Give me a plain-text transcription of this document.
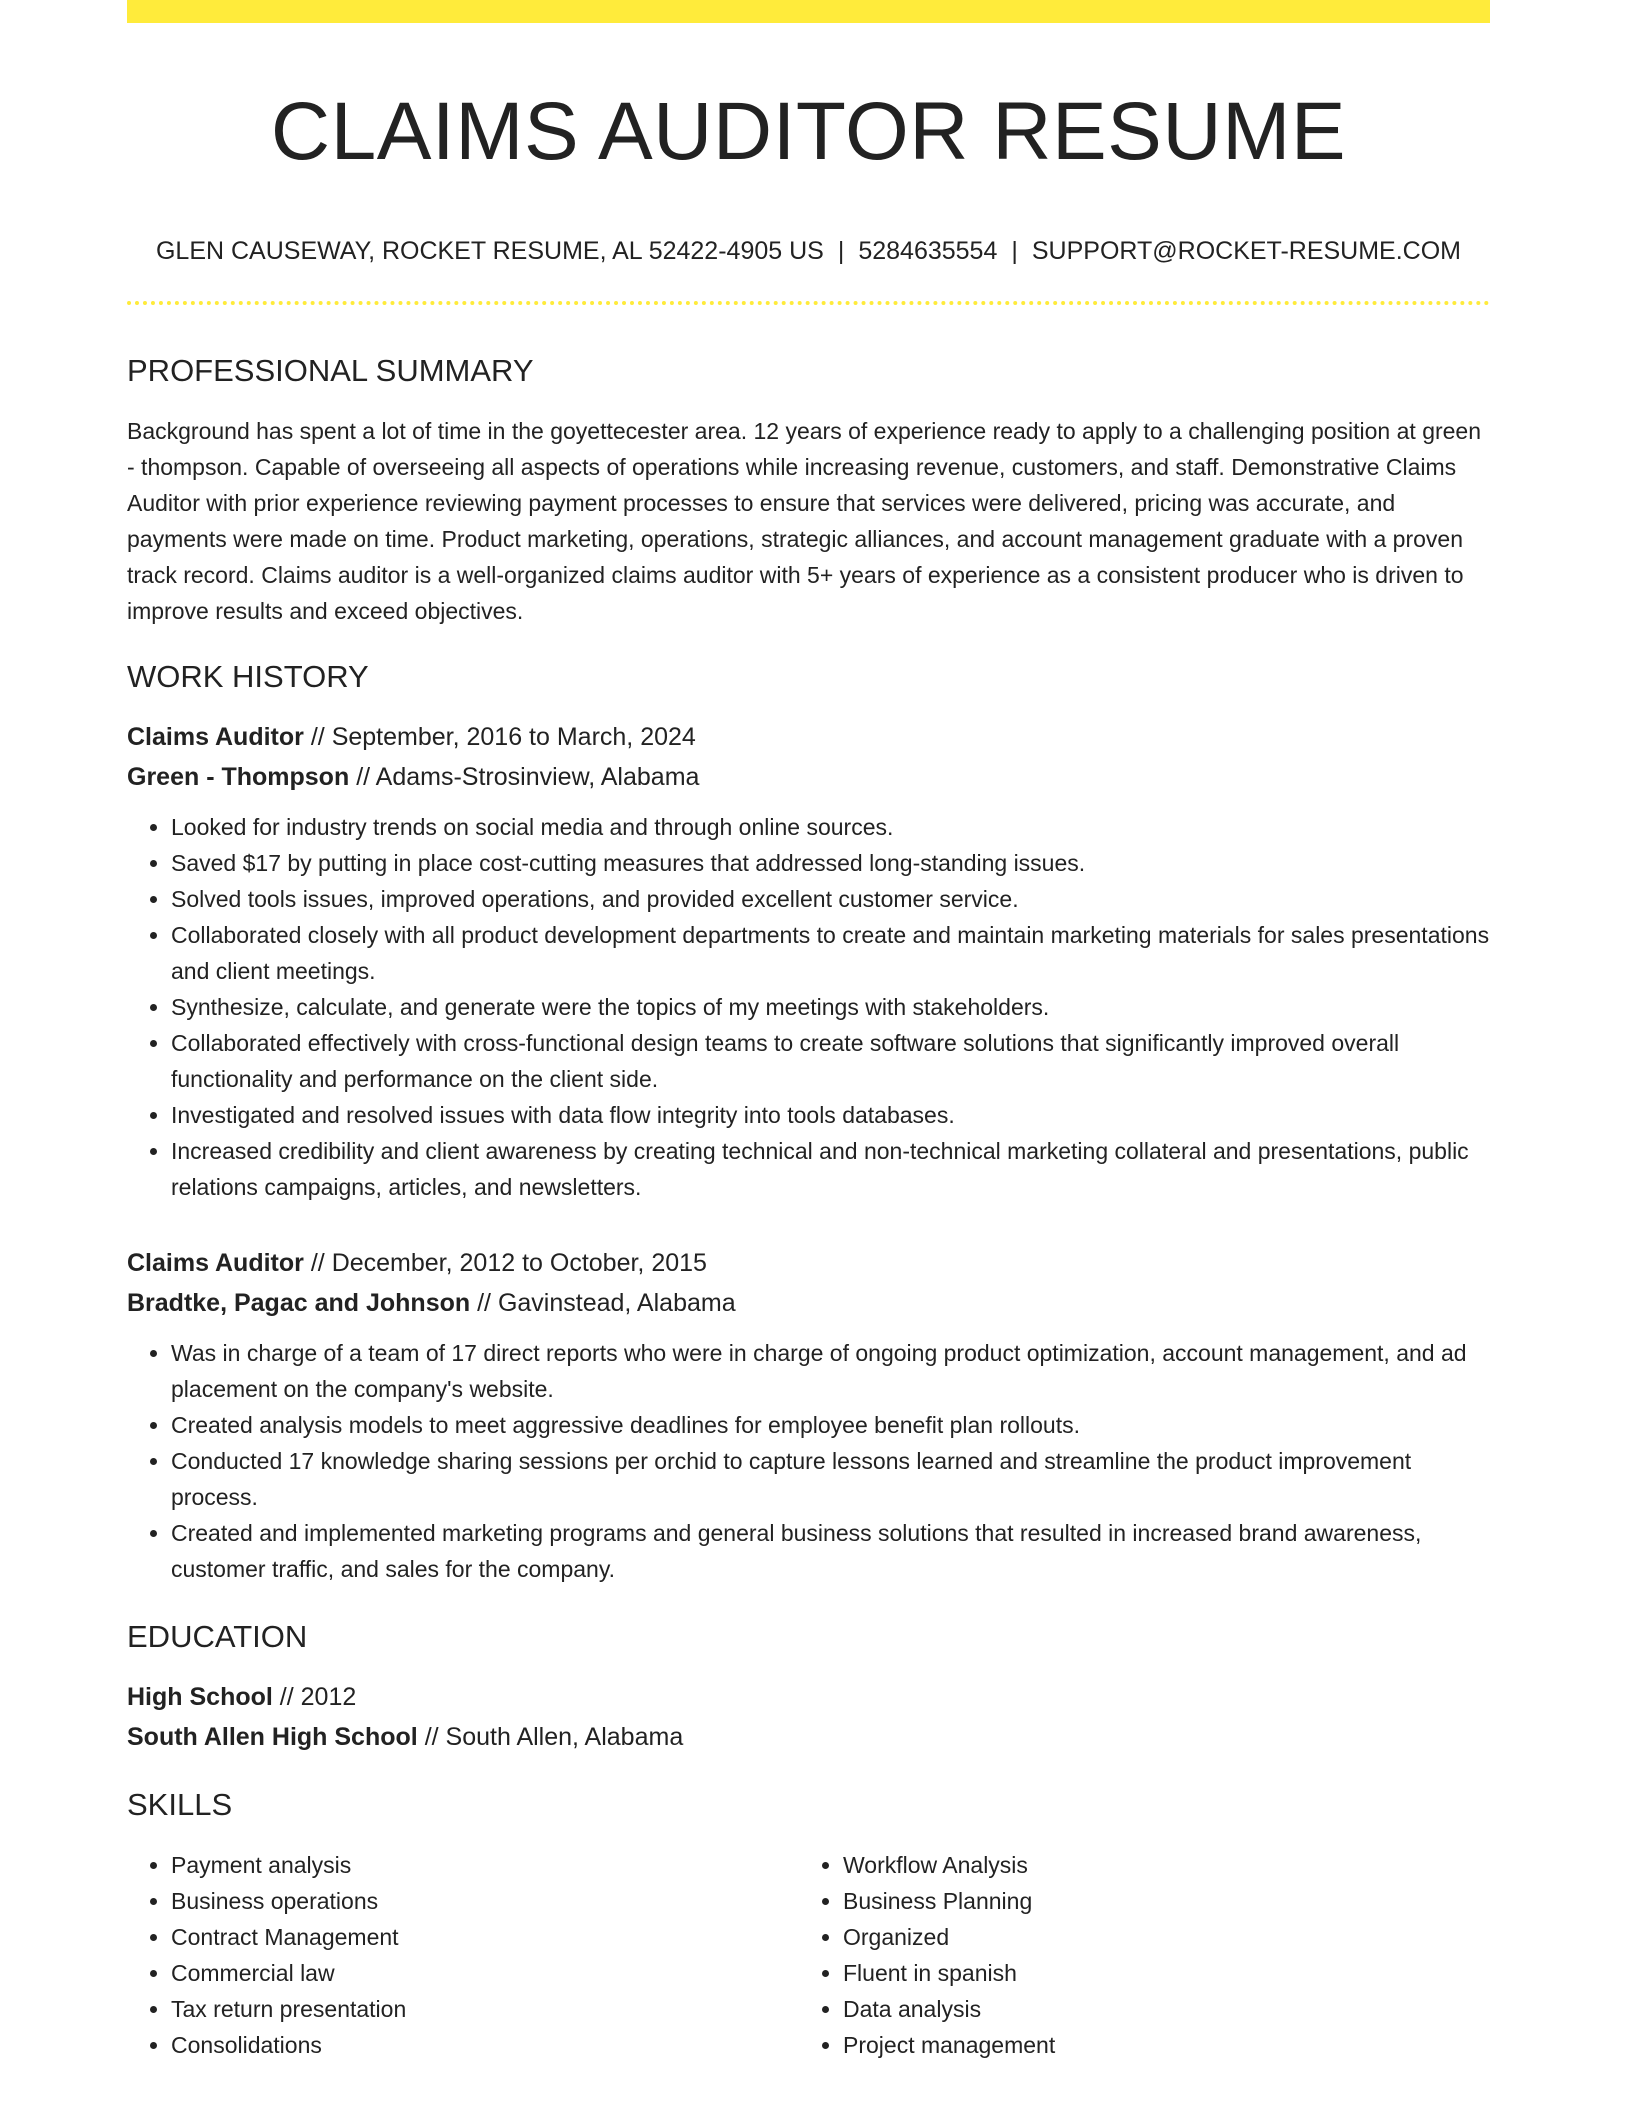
CLAIMS AUDITOR RESUME
GLEN CAUSEWAY, ROCKET RESUME, AL 52422-4905 US | 5284635554 | SUPPORT@ROCKET-RESUME.COM
PROFESSIONAL SUMMARY
Background has spent a lot of time in the goyettecester area. 12 years of experience ready to apply to a challenging position at green - thompson. Capable of overseeing all aspects of operations while increasing revenue, customers, and staff. Demonstrative Claims Auditor with prior experience reviewing payment processes to ensure that services were delivered, pricing was accurate, and payments were made on time. Product marketing, operations, strategic alliances, and account management graduate with a proven track record. Claims auditor is a well-organized claims auditor with 5+ years of experience as a consistent producer who is driven to improve results and exceed objectives.
WORK HISTORY
Claims Auditor // September, 2016 to March, 2024
Green - Thompson // Adams-Strosinview, Alabama
• Looked for industry trends on social media and through online sources.
• Saved $17 by putting in place cost-cutting measures that addressed long-standing issues.
• Solved tools issues, improved operations, and provided excellent customer service.
• Collaborated closely with all product development departments to create and maintain marketing materials for sales presentations and client meetings.
• Synthesize, calculate, and generate were the topics of my meetings with stakeholders.
• Collaborated effectively with cross-functional design teams to create software solutions that significantly improved overall functionality and performance on the client side.
• Investigated and resolved issues with data flow integrity into tools databases.
• Increased credibility and client awareness by creating technical and non-technical marketing collateral and presentations, public relations campaigns, articles, and newsletters.
Claims Auditor // December, 2012 to October, 2015
Bradtke, Pagac and Johnson // Gavinstead, Alabama
• Was in charge of a team of 17 direct reports who were in charge of ongoing product optimization, account management, and ad placement on the company's website.
• Created analysis models to meet aggressive deadlines for employee benefit plan rollouts.
• Conducted 17 knowledge sharing sessions per orchid to capture lessons learned and streamline the product improvement process.
• Created and implemented marketing programs and general business solutions that resulted in increased brand awareness, customer traffic, and sales for the company.
EDUCATION
High School // 2012
South Allen High School // South Allen, Alabama
SKILLS
• Payment analysis
• Business operations
• Contract Management
• Commercial law
• Tax return presentation
• Consolidations
• Workflow Analysis
• Business Planning
• Organized
• Fluent in spanish
• Data analysis
• Project management
